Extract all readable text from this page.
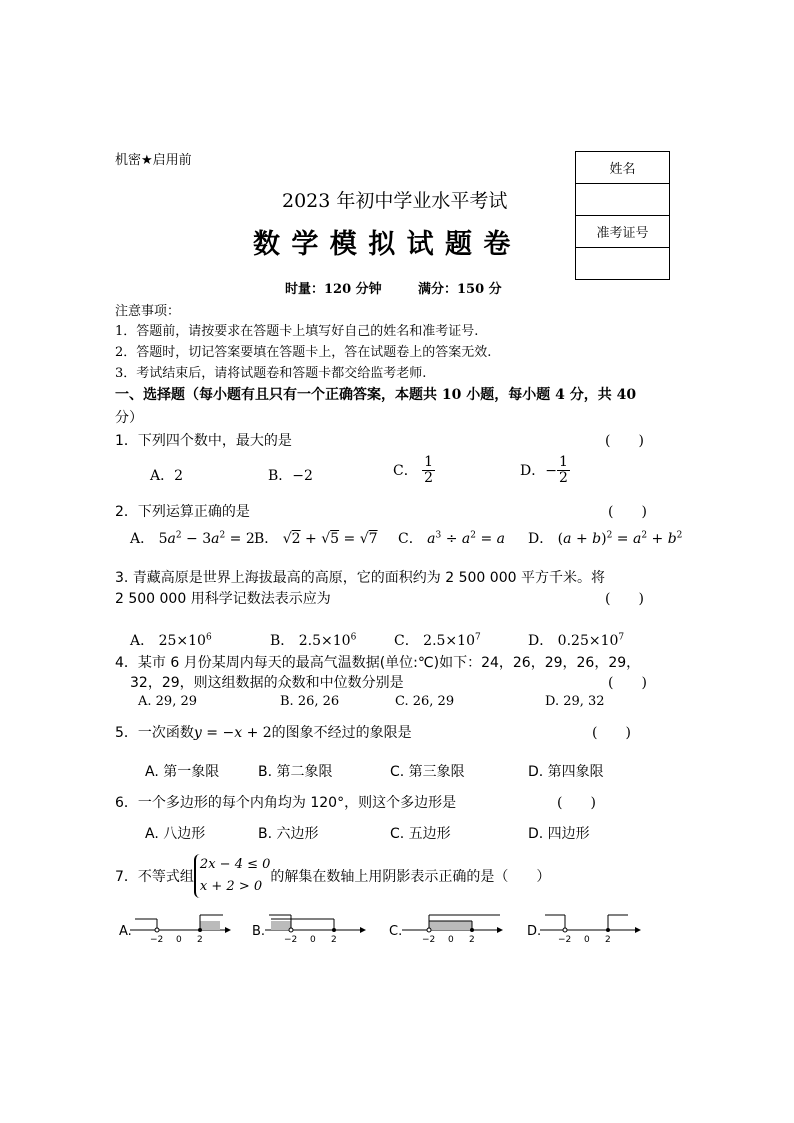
机密★启用前
2023 年初中学业水平考试
数 学 模 拟 试 题 卷
时量：120 分钟	满分：150 分
姓名

准考证号

注意事项：
1．答题前，请按要求在答题卡上填写好自己的姓名和准考证号.
2．答题时，切记答案要填在答题卡上，答在试题卷上的答案无效.
3．考试结束后，请将试题卷和答题卡都交给监考老师.
一、选择题（每小题有且只有一个正确答案，本题共 10 小题，每小题 4 分，共 40
分）
1．下列四个数中，最大的是	(　　)
A．2	B．−2	C． $\frac{1}{2}$	D．− $\frac{1}{2}$
2．下列运算正确的是	(　　)
A． $5a^2 - 3a^2 = 2$ B． √2 + √5 = √7 C． $a^3 \div a^2 = a$ D． $(a + b)^2 = a^2 + b^2$
3. 青藏高原是世界上海拔最高的高原，它的面积约为 2 500 000 平方千米。将
2 500 000 用科学记数法表示应为	(　　)
A． $25\times 10^6$	B． $2.5\times 10^6$	C． $2.5\times 10^7$	D． $0.25\times 10^7$
4．某市 6 月份某周内每天的最高气温数据(单位:℃)如下：24，26，29，26，29，
32，29，则这组数据的众数和中位数分别是	(　　)
A. 29, 29	B. 26, 26	C. 26, 29	D. 29, 32
5．一次函数y = −x + 2的图象不经过的象限是	(　　)
A. 第一象限	B. 第二象限	C. 第三象限	D. 第四象限
6．一个多边形的每个内角均为 120°，则这个多边形是	(　　)
A. 八边形	B. 六边形	C. 五边形	D. 四边形
7．不等式组2x − 4 ≤ 0
x + 2 > 0的解集在数轴上用阴影表示正确的是（　　）
A.
−2 0 2
B.
−2 0 2
C.
−2 0 2
D.
−2 0 2
